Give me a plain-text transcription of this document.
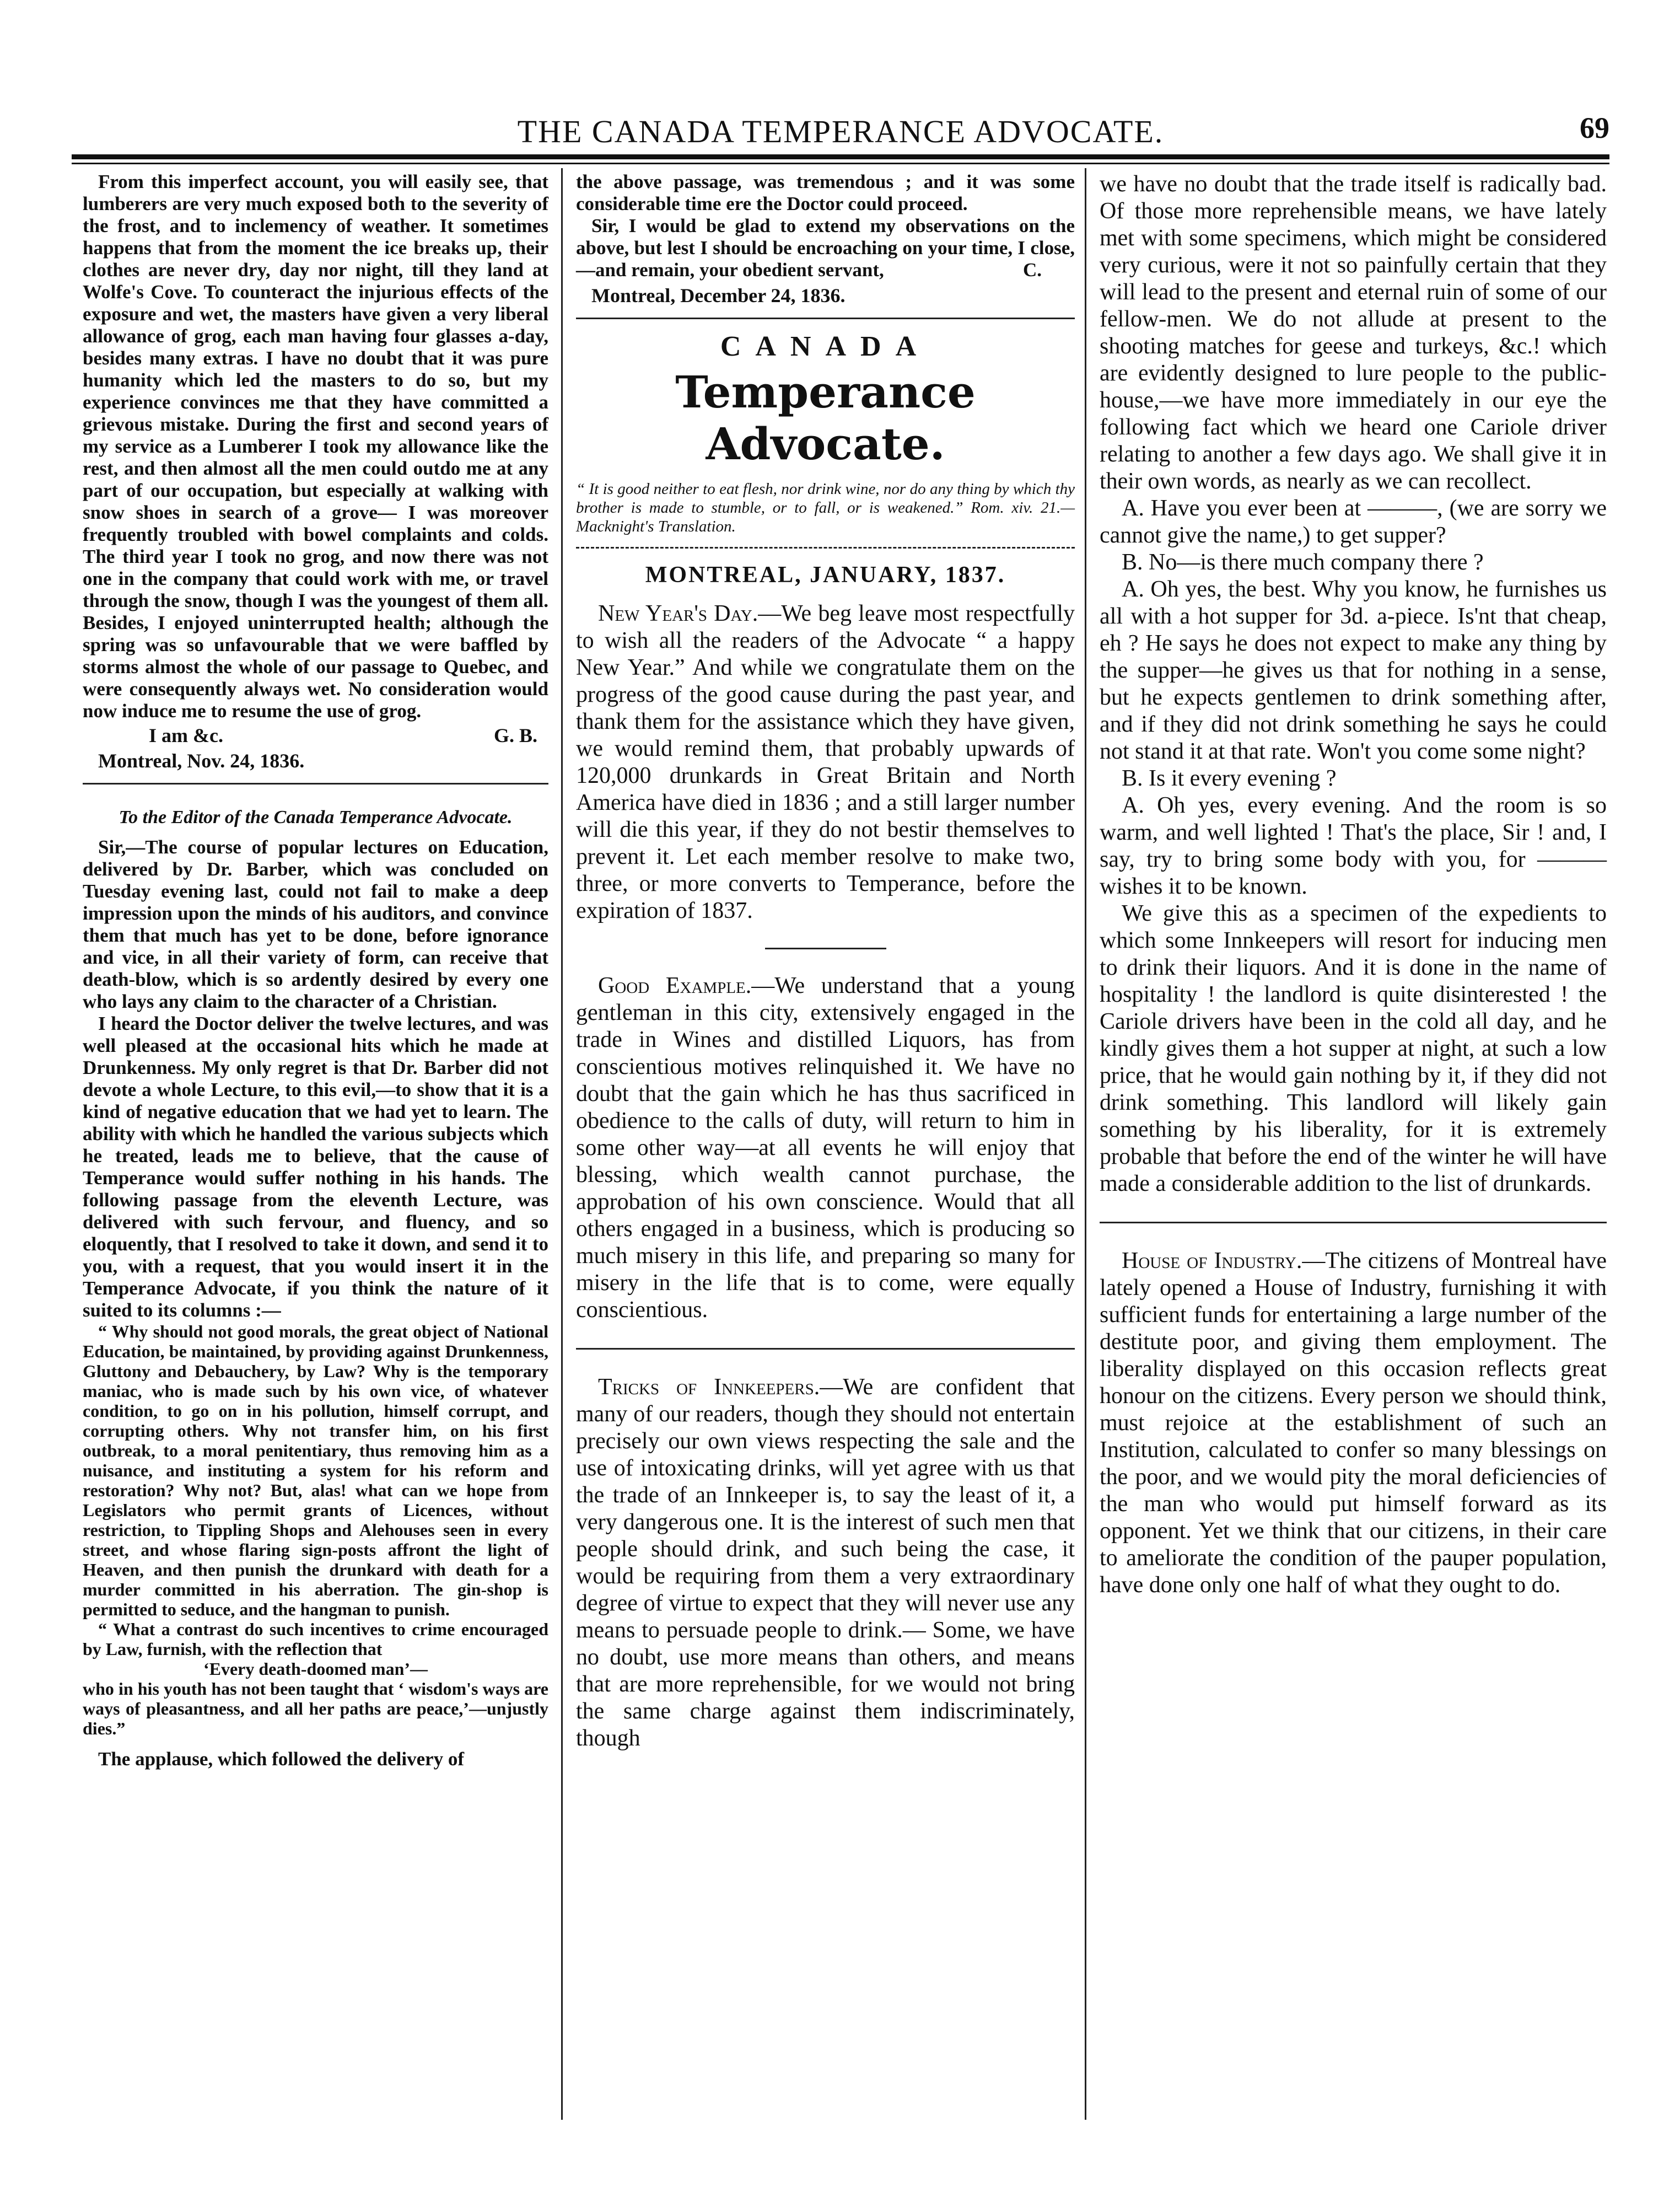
THE CANADA TEMPERANCE ADVOCATE.	69

From this imperfect account, you will easily see, that lumberers are very much exposed both to the severity of the frost, and to inclemency of weather. It sometimes happens that from the moment the ice breaks up, their clothes are never dry, day nor night, till they land at Wolfe's Cove. To counteract the injurious effects of the exposure and wet, the masters have given a very liberal allowance of grog, each man having four glasses a-day, besides many extras. I have no doubt that it was pure humanity which led the masters to do so, but my experience convinces me that they have committed a grievous mistake. During the first and second years of my service as a Lumberer I took my allowance like the rest, and then almost all the men could outdo me at any part of our occupation, but especially at walking with snow shoes in search of a grove— I was moreover frequently troubled with bowel complaints and colds. The third year I took no grog, and now there was not one in the company that could work with me, or travel through the snow, though I was the youngest of them all. Besides, I enjoyed uninterrupted health; although the spring was so unfavourable that we were baffled by storms almost the whole of our passage to Quebec, and were consequently always wet. No consideration would now induce me to resume the use of grog.

I am &c.	G. B.
Montreal, Nov. 24, 1836.
To the Editor of the Canada Temperance Advocate.

Sir,—The course of popular lectures on Education, delivered by Dr. Barber, which was concluded on Tuesday evening last, could not fail to make a deep impression upon the minds of his auditors, and convince them that much has yet to be done, before ignorance and vice, in all their variety of form, can receive that death-blow, which is so ardently desired by every one who lays any claim to the character of a Christian.

I heard the Doctor deliver the twelve lectures, and was well pleased at the occasional hits which he made at Drunkenness. My only regret is that Dr. Barber did not devote a whole Lecture, to this evil,—to show that it is a kind of negative education that we had yet to learn. The ability with which he handled the various subjects which he treated, leads me to believe, that the cause of Temperance would suffer nothing in his hands. The following passage from the eleventh Lecture, was delivered with such fervour, and fluency, and so eloquently, that I resolved to take it down, and send it to you, with a request, that you would insert it in the Temperance Advocate, if you think the nature of it suited to its columns :—

“ Why should not good morals, the great object of National Education, be maintained, by providing against Drunkenness, Gluttony and Debauchery, by Law? Why is the temporary maniac, who is made such by his own vice, of whatever condition, to go on in his pollution, himself corrupt, and corrupting others. Why not transfer him, on his first outbreak, to a moral penitentiary, thus removing him as a nuisance, and instituting a system for his reform and restoration? Why not? But, alas! what can we hope from Legislators who permit grants of Licences, without restriction, to Tippling Shops and Alehouses seen in every street, and whose flaring sign-posts affront the light of Heaven, and then punish the drunkard with death for a murder committed in his aberration. The gin-shop is permitted to seduce, and the hangman to punish.

“ What a contrast do such incentives to crime encouraged by Law, furnish, with the reflection that

‘Every death-doomed man’—

who in his youth has not been taught that ‘ wisdom's ways are ways of pleasantness, and all her paths are peace,’—unjustly dies.”

The applause, which followed the delivery of

the above passage, was tremendous ; and it was some considerable time ere the Doctor could proceed.

Sir, I would be glad to extend my observations on the above, but lest I should be encroaching on your time, I close,—and remain, your obedient servant,	C.
Montreal, December 24, 1836.
CANADA
Temperance Advocate.
“ It is good neither to eat flesh, nor drink wine, nor do any thing by which thy brother is made to stumble, or to fall, or is weakened.” Rom. xiv. 21.—Macknight's Translation.
MONTREAL, JANUARY, 1837.

New Year's Day.—We beg leave most respectfully to wish all the readers of the Advocate “ a happy New Year.” And while we congratulate them on the progress of the good cause during the past year, and thank them for the assistance which they have given, we would remind them, that probably upwards of 120,000 drunkards in Great Britain and North America have died in 1836 ; and a still larger number will die this year, if they do not bestir themselves to prevent it. Let each member resolve to make two, three, or more converts to Temperance, before the expiration of 1837.

Good Example.—We understand that a young gentleman in this city, extensively engaged in the trade in Wines and distilled Liquors, has from conscientious motives relinquished it. We have no doubt that the gain which he has thus sacrificed in obedience to the calls of duty, will return to him in some other way—at all events he will enjoy that blessing, which wealth cannot purchase, the approbation of his own conscience. Would that all others engaged in a business, which is producing so much misery in this life, and preparing so many for misery in the life that is to come, were equally conscientious.

Tricks of Innkeepers.—We are confident that many of our readers, though they should not entertain precisely our own views respecting the sale and the use of intoxicating drinks, will yet agree with us that the trade of an Innkeeper is, to say the least of it, a very dangerous one. It is the interest of such men that people should drink, and such being the case, it would be requiring from them a very extraordinary degree of virtue to expect that they will never use any means to persuade people to drink.— Some, we have no doubt, use more means than others, and means that are more reprehensible, for we would not bring the same charge against them indiscriminately, though

we have no doubt that the trade itself is radically bad. Of those more reprehensible means, we have lately met with some specimens, which might be considered very curious, were it not so painfully certain that they will lead to the present and eternal ruin of some of our fellow-men. We do not allude at present to the shooting matches for geese and turkeys, &c.! which are evidently designed to lure people to the public-house,—we have more immediately in our eye the following fact which we heard one Cariole driver relating to another a few days ago. We shall give it in their own words, as nearly as we can recollect.

A. Have you ever been at ———, (we are sorry we cannot give the name,) to get supper?

B. No—is there much company there ?

A. Oh yes, the best. Why you know, he furnishes us all with a hot supper for 3d. a-piece. Is'nt that cheap, eh ? He says he does not expect to make any thing by the supper—he gives us that for nothing in a sense, but he expects gentlemen to drink something after, and if they did not drink something he says he could not stand it at that rate. Won't you come some night?

B. Is it every evening ?

A. Oh yes, every evening. And the room is so warm, and well lighted ! That's the place, Sir ! and, I say, try to bring some body with you, for ——— wishes it to be known.

We give this as a specimen of the expedients to which some Innkeepers will resort for inducing men to drink their liquors. And it is done in the name of hospitality ! the landlord is quite disinterested ! the Cariole drivers have been in the cold all day, and he kindly gives them a hot supper at night, at such a low price, that he would gain nothing by it, if they did not drink something. This landlord will likely gain something by his liberality, for it is extremely probable that before the end of the winter he will have made a considerable addition to the list of drunkards.

House of Industry.—The citizens of Montreal have lately opened a House of Industry, furnishing it with sufficient funds for entertaining a large number of the destitute poor, and giving them employment. The liberality displayed on this occasion reflects great honour on the citizens. Every person we should think, must rejoice at the establishment of such an Institution, calculated to confer so many blessings on the poor, and we would pity the moral deficiencies of the man who would put himself forward as its opponent. Yet we think that our citizens, in their care to ameliorate the condition of the pauper population, have done only one half of what they ought to do.
